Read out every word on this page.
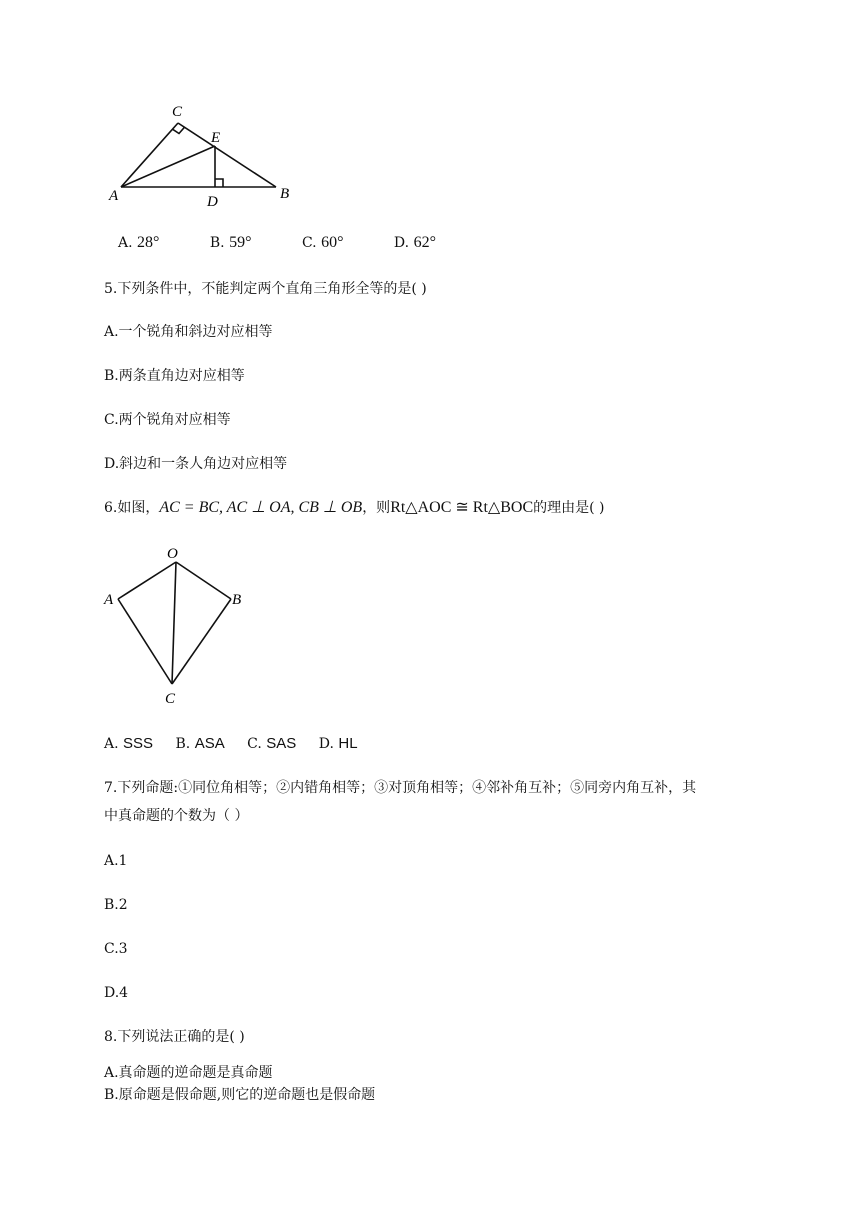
C
E
A	D	B
A. 28°	B. 59°	C. 60°	D. 62°
5.下列条件中，不能判定两个直角三角形全等的是( )
A.一个锐角和斜边对应相等
B.两条直角边对应相等
C.两个锐角对应相等
D.斜边和一条人角边对应相等
6.如图，AC = BC, AC ⊥ OA, CB ⊥ OB，则Rt△AOC ≅ Rt△BOC的理由是( )
O
A	B
C
A. SSS B. ASA C. SAS D. HL
7.下列命题:①同位角相等；②内错角相等；③对顶角相等；④邻补角互补；⑤同旁内角互补，其
中真命题的个数为（ ）
A.1
B.2
C.3
D.4
8.下列说法正确的是( )
A.真命题的逆命题是真命题
B.原命题是假命题,则它的逆命题也是假命题
